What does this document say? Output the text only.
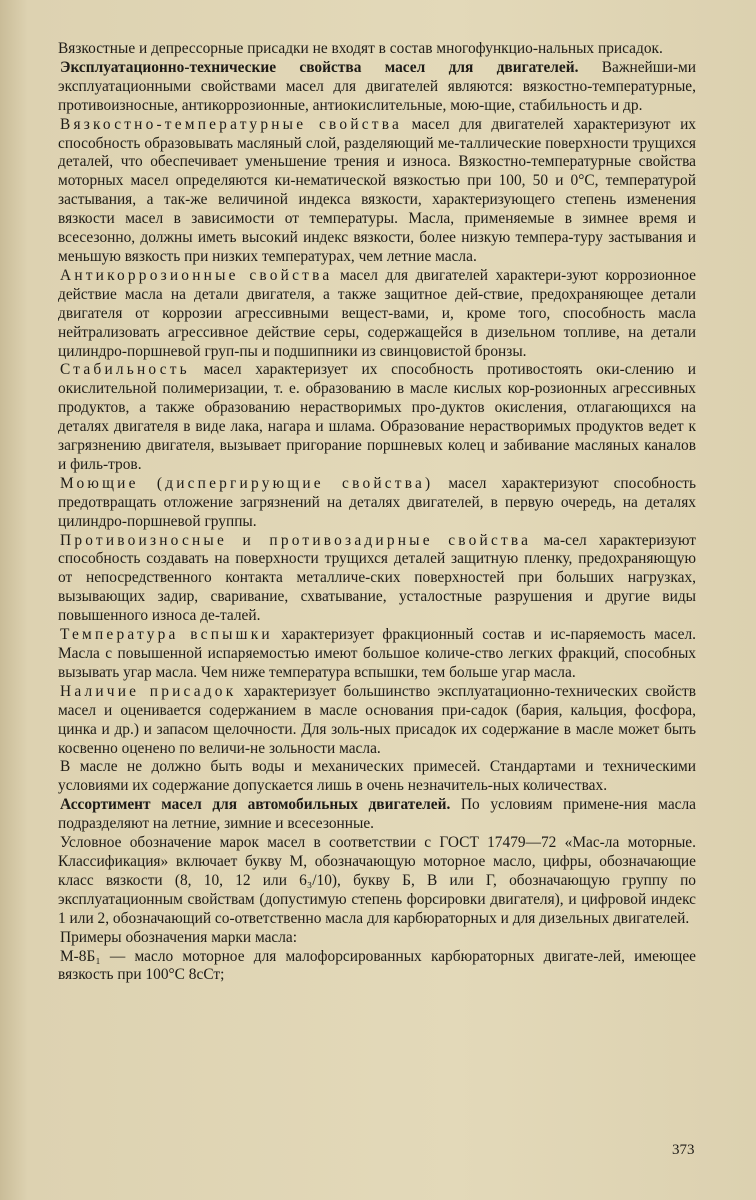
Вязкостные и депрессорные присадки не входят в состав многофункцио-нальных присадок.

Эксплуатационно-технические свойства масел для двигателей. Важнейши-ми эксплуатационными свойствами масел для двигателей являются: вязкостно-температурные, противоизносные, антикоррозионные, антиокислительные, мою-щие, стабильность и др.

Вязкостно-температурные свойства масел для двигателей характеризуют их способность образовывать масляный слой, разделяющий ме-таллические поверхности трущихся деталей, что обеспечивает уменьшение трения и износа. Вязкостно-температурные свойства моторных масел определяются ки-нематической вязкостью при 100, 50 и 0°С, температурой застывания, а так-же величиной индекса вязкости, характеризующего степень изменения вязкости масел в зависимости от температуры. Масла, применяемые в зимнее время и всесезонно, должны иметь высокий индекс вязкости, более низкую темпера-туру застывания и меньшую вязкость при низких температурах, чем летние масла.

Антикоррозионные свойства масел для двигателей характери-зуют коррозионное действие масла на детали двигателя, а также защитное дей-ствие, предохраняющее детали двигателя от коррозии агрессивными вещест-вами, и, кроме того, способность масла нейтрализовать агрессивное действие серы, содержащейся в дизельном топливе, на детали цилиндро-поршневой груп-пы и подшипники из свинцовистой бронзы.

Стабильность масел характеризует их способность противостоять оки-слению и окислительной полимеризации, т. е. образованию в масле кислых кор-розионных агрессивных продуктов, а также образованию нерастворимых про-дуктов окисления, отлагающихся на деталях двигателя в виде лака, нагара и шлама. Образование нерастворимых продуктов ведет к загрязнению двигателя, вызывает пригорание поршневых колец и забивание масляных каналов и филь-тров.

Моющие (диспергирующие свойства) масел характеризуют способность предотвращать отложение загрязнений на деталях двигателей, в первую очередь, на деталях цилиндро-поршневой группы.

Противоизносные и противозадирные свойства ма-сел характеризуют способность создавать на поверхности трущихся деталей защитную пленку, предохраняющую от непосредственного контакта металличе-ских поверхностей при больших нагрузках, вызывающих задир, сваривание, схватывание, усталостные разрушения и другие виды повышенного износа де-талей.

Температура вспышки характеризует фракционный состав и ис-паряемость масел. Масла с повышенной испаряемостью имеют большое количе-ство легких фракций, способных вызывать угар масла. Чем ниже температура вспышки, тем больше угар масла.

Наличие присадок характеризует большинство эксплуатационно-технических свойств масел и оценивается содержанием в масле основания при-садок (бария, кальция, фосфора, цинка и др.) и запасом щелочности. Для золь-ных присадок их содержание в масле может быть косвенно оценено по величи-не зольности масла.

В масле не должно быть воды и механических примесей. Стандартами и техническими условиями их содержание допускается лишь в очень незначитель-ных количествах.

Ассортимент масел для автомобильных двигателей. По условиям примене-ния масла подразделяют на летние, зимние и всесезонные.

Условное обозначение марок масел в соответствии с ГОСТ 17479—72 «Мас-ла моторные. Классификация» включает букву М, обозначающую моторное масло, цифры, обозначающие класс вязкости (8, 10, 12 или 6₃/10), букву Б, В или Г, обозначающую группу по эксплуатационным свойствам (допустимую степень форсировки двигателя), и цифровой индекс 1 или 2, обозначающий со-ответственно масла для карбюраторных и для дизельных двигателей.

Примеры обозначения марки масла:

М-8Б₁ — масло моторное для малофорсированных карбюраторных двигате-лей, имеющее вязкость при 100°С 8сСт;

373
